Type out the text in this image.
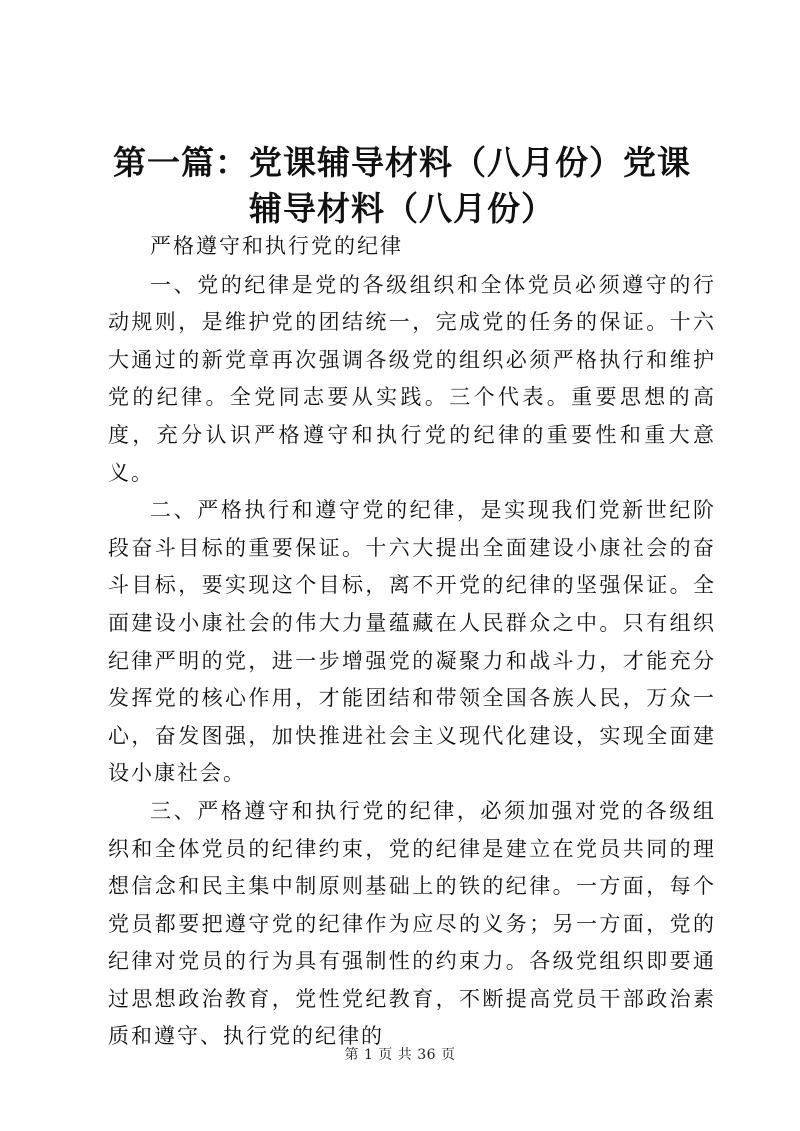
第一篇：党课辅导材料（八月份）党课辅导材料（八月份）

严格遵守和执行党的纪律

一、党的纪律是党的各级组织和全体党员必须遵守的行动规则，是维护党的团结统一，完成党的任务的保证。十六大通过的新党章再次强调各级党的组织必须严格执行和维护党的纪律。全党同志要从实践。三个代表。重要思想的高度，充分认识严格遵守和执行党的纪律的重要性和重大意义。

二、严格执行和遵守党的纪律，是实现我们党新世纪阶段奋斗目标的重要保证。十六大提出全面建设小康社会的奋斗目标，要实现这个目标，离不开党的纪律的坚强保证。全面建设小康社会的伟大力量蕴藏在人民群众之中。只有组织纪律严明的党，进一步增强党的凝聚力和战斗力，才能充分发挥党的核心作用，才能团结和带领全国各族人民，万众一心，奋发图强，加快推进社会主义现代化建设，实现全面建设小康社会。

三、严格遵守和执行党的纪律，必须加强对党的各级组织和全体党员的纪律约束，党的纪律是建立在党员共同的理想信念和民主集中制原则基础上的铁的纪律。一方面，每个党员都要把遵守党的纪律作为应尽的义务；另一方面，党的纪律对党员的行为具有强制性的约束力。各级党组织即要通过思想政治教育，党性党纪教育，不断提高党员干部政治素质和遵守、执行党的纪律的

第 1 页 共 36 页
